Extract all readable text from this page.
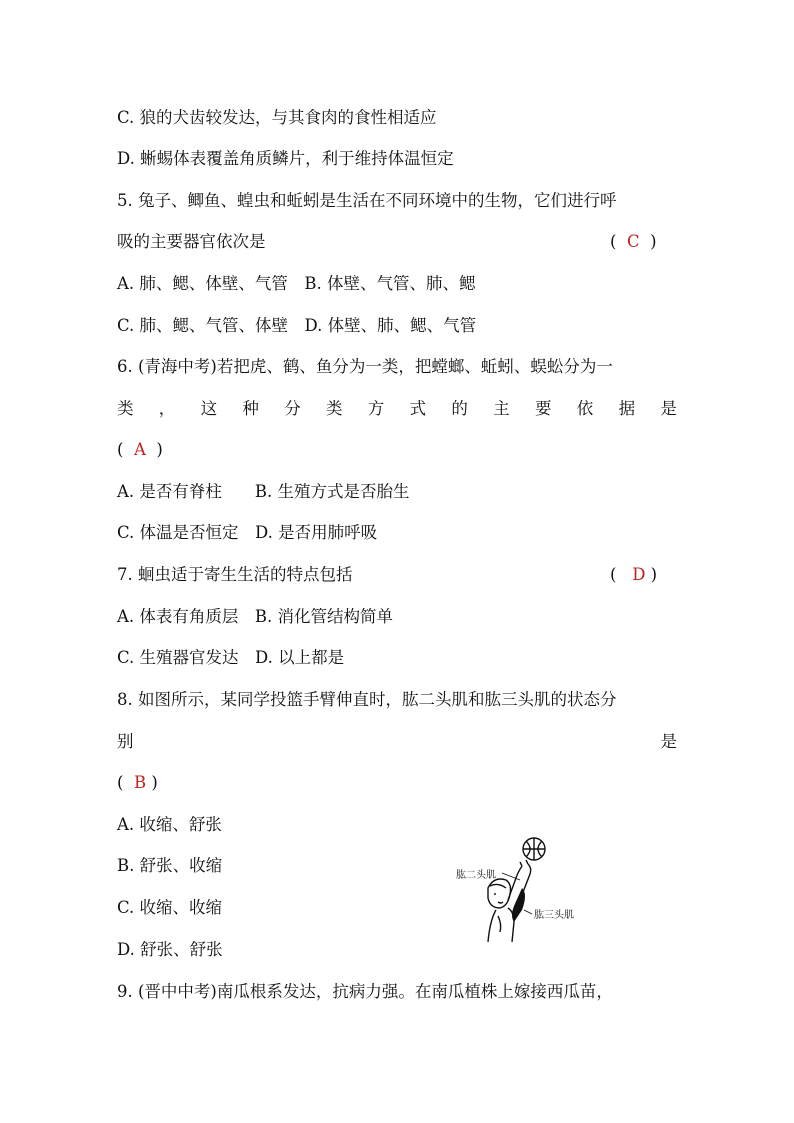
C. 狼的犬齿较发达，与其食肉的食性相适应
D. 蜥蜴体表覆盖角质鳞片，利于维持体温恒定
5. 兔子、鲫鱼、蝗虫和蚯蚓是生活在不同环境中的生物，它们进行呼
吸的主要器官依次是	( C )
A. 肺、鳃、体壁、气管　B. 体壁、气管、肺、鳃
C. 肺、鳃、气管、体壁　D. 体壁、肺、鳃、气管
6. (青海中考)若把虎、鹤、鱼分为一类，把螳螂、蚯蚓、蜈蚣分为一
类 ， 这 种 分 类 方 式 的 主 要 依 据 是
( A )
A. 是否有脊柱　　B. 生殖方式是否胎生
C. 体温是否恒定　D. 是否用肺呼吸
7. 蛔虫适于寄生生活的特点包括	( D )
A. 体表有角质层　B. 消化管结构简单
C. 生殖器官发达　D. 以上都是
8. 如图所示，某同学投篮手臂伸直时，肱二头肌和肱三头肌的状态分
别	是
( B )
A. 收缩、舒张
B. 舒张、收缩
C. 收缩、收缩
D. 舒张、舒张
肱二头肌
肱三头肌
9. (晋中中考)南瓜根系发达，抗病力强。在南瓜植株上嫁接西瓜苗，
